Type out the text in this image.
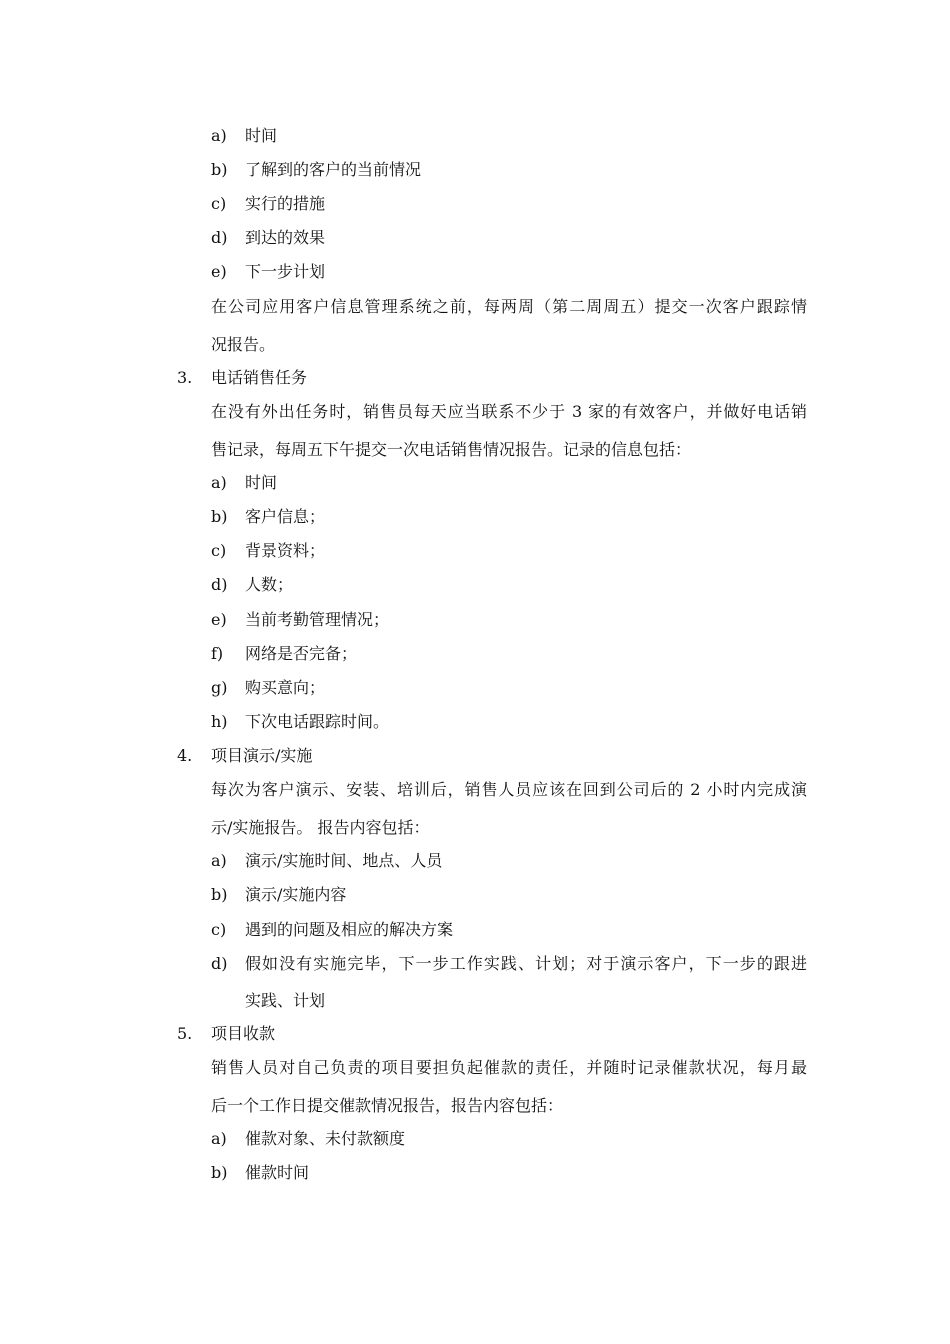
a) 时间
b) 了解到的客户的当前情况
c) 实行的措施
d) 到达的效果
e) 下一步计划
在公司应用客户信息管理系统之前，每两周（第二周周五）提交一次客户跟踪情
况报告。
3. 电话销售任务
在没有外出任务时，销售员每天应当联系不少于 3 家的有效客户，并做好电话销
售记录，每周五下午提交一次电话销售情况报告。记录的信息包括：
a) 时间
b) 客户信息；
c) 背景资料；
d) 人数；
e) 当前考勤管理情况；
f) 网络是否完备；
g) 购买意向；
h) 下次电话跟踪时间。
4. 项目演示/实施
每次为客户演示、安装、培训后，销售人员应该在回到公司后的 2 小时内完成演
示/实施报告。 报告内容包括：
a) 演示/实施时间、地点、人员
b) 演示/实施内容
c) 遇到的问题及相应的解决方案
d) 假如没有实施完毕，下一步工作实践、计划；对于演示客户，下一步的跟进
实践、计划
5. 项目收款
销售人员对自己负责的项目要担负起催款的责任，并随时记录催款状况，每月最
后一个工作日提交催款情况报告，报告内容包括：
a) 催款对象、未付款额度
b) 催款时间
